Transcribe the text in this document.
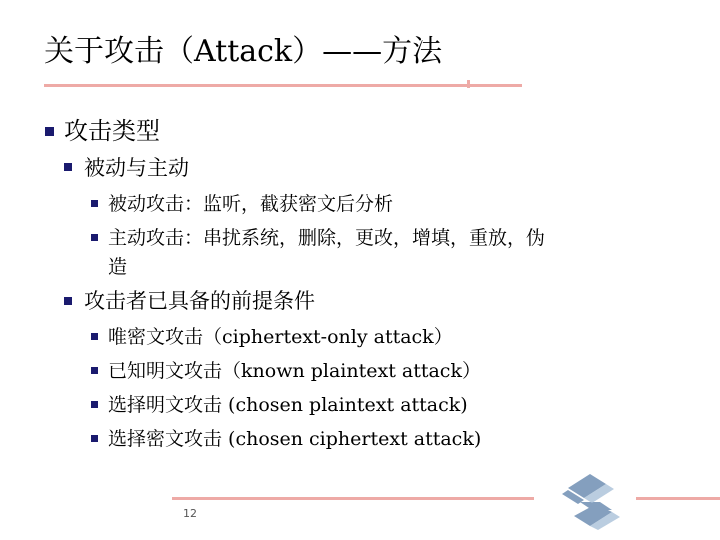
关于攻击（Attack）——方法
攻击类型
被动与主动
被动攻击：监听，截获密文后分析
主动攻击：串扰系统，删除，更改，增填，重放，伪
造
攻击者已具备的前提条件
唯密文攻击（ciphertext-only attack）
已知明文攻击（known plaintext attack）
选择明文攻击 (chosen plaintext attack)
选择密文攻击 (chosen ciphertext attack)
12
